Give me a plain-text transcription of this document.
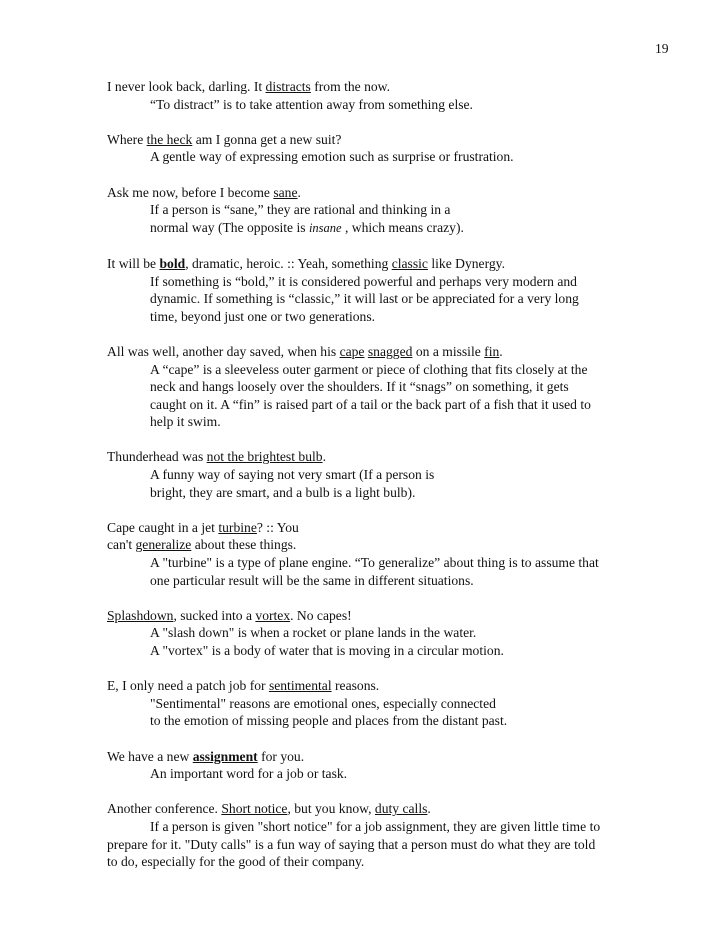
19
I never look back, darling. It distracts from the now.
“To distract” is to take attention away from something else.
Where the heck am I gonna get a new suit?
A gentle way of expressing emotion such as surprise or frustration.
Ask me now, before I become sane.
If a person is “sane,” they are rational and thinking in a
normal way (The opposite is insane , which means crazy).
It will be bold, dramatic, heroic. :: Yeah, something classic like Dynergy.
If something is “bold,” it is considered powerful and perhaps very modern and
dynamic. If something is “classic,” it will last or be appreciated for a very long
time, beyond just one or two generations.
All was well, another day saved, when his cape snagged on a missile fin.
A “cape” is a sleeveless outer garment or piece of clothing that fits closely at the
neck and hangs loosely over the shoulders. If it “snags” on something, it gets
caught on it. A “fin” is raised part of a tail or the back part of a fish that it used to
help it swim.
Thunderhead was not the brightest bulb.
A funny way of saying not very smart (If a person is
bright, they are smart, and a bulb is a light bulb).
Cape caught in a jet turbine? :: You
can't generalize about these things.
A "turbine" is a type of plane engine. “To generalize” about thing is to assume that
one particular result will be the same in different situations.
Splashdown, sucked into a vortex. No capes!
A "slash down" is when a rocket or plane lands in the water.
A "vortex" is a body of water that is moving in a circular motion.
E, I only need a patch job for sentimental reasons.
"Sentimental" reasons are emotional ones, especially connected
to the emotion of missing people and places from the distant past.
We have a new assignment for you.
An important word for a job or task.
Another conference. Short notice, but you know, duty calls.
If a person is given "short notice" for a job assignment, they are given little time to
prepare for it. "Duty calls" is a fun way of saying that a person must do what they are told
to do, especially for the good of their company.
